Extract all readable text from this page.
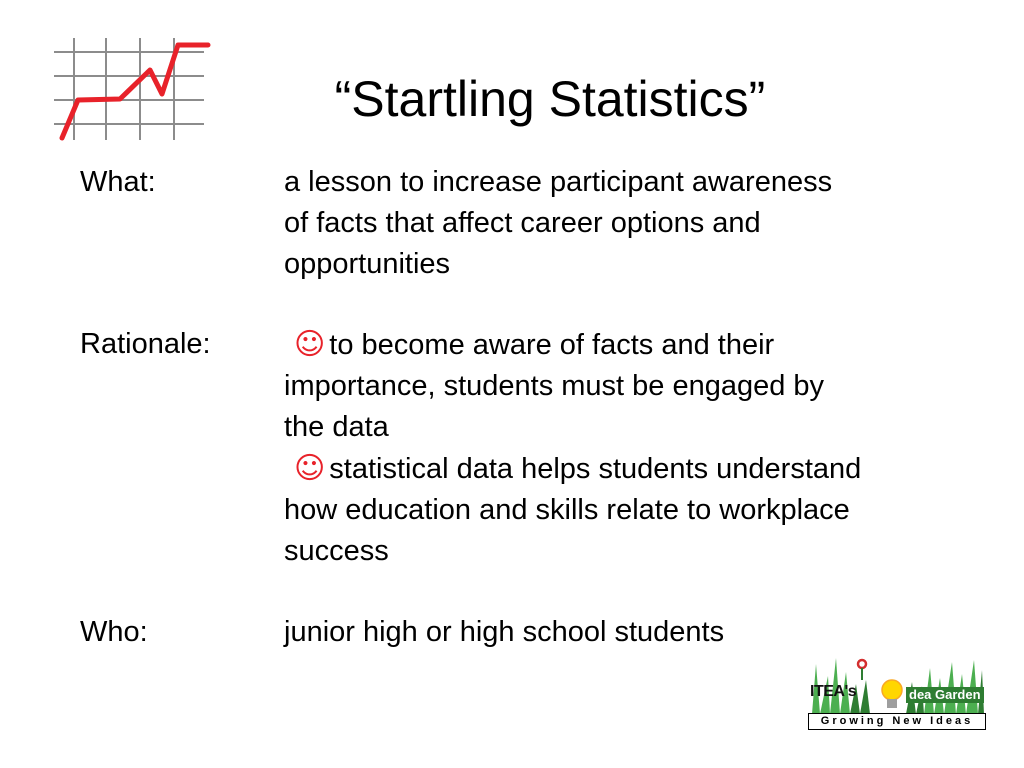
“Startling Statistics”
What:	a lesson to increase participant awareness

of facts that affect career options and

opportunities

Rationale:	☺ to become aware of facts and their

importance, students must be engaged by

the data

☺ statistical data helps students understand

how education and skills relate to workplace

success

Who:	junior high or high school students

ITEA's	dea Garden
Growing New Ideas
